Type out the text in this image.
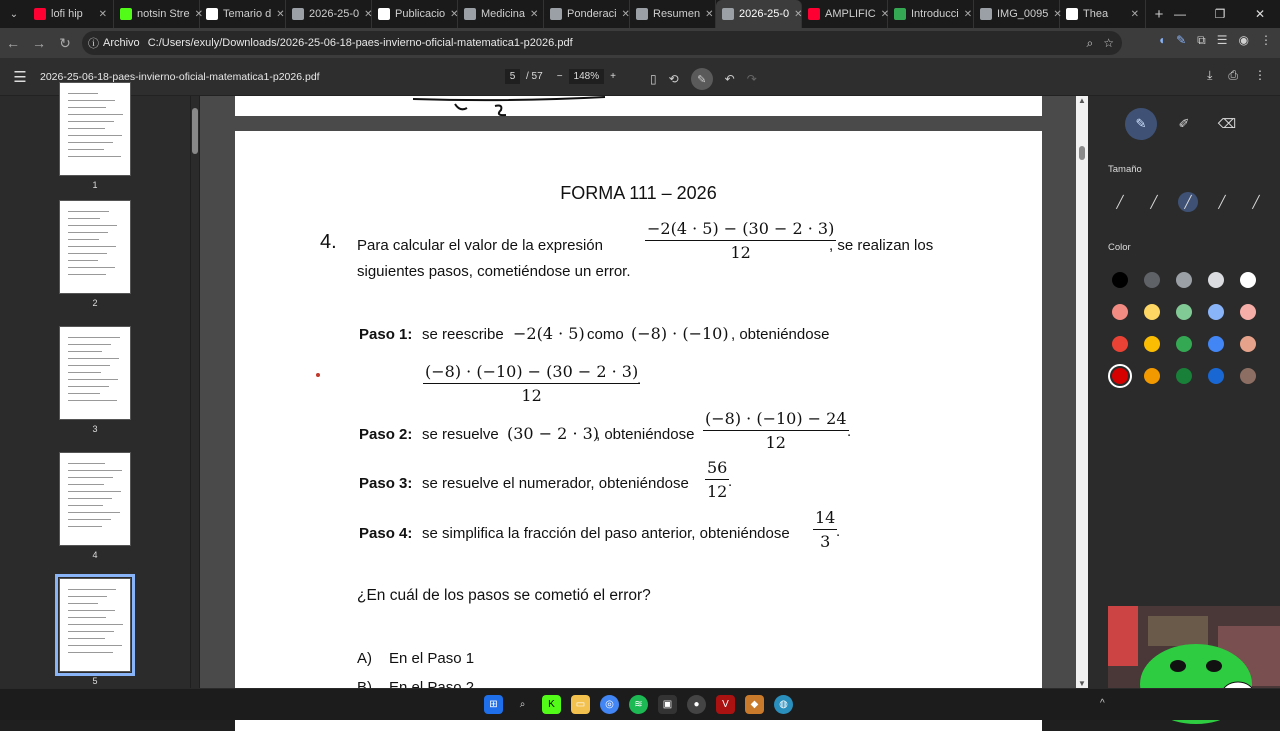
⌄	lofi hip	✕	notsin Stre ✕ Temario d ✕ 2026-25-0 ✕ Publicacio ✕ Medicina ✕	Ponderaci ✕ Resumen ✕ 2026-25-0 ✕ AMPLIFIC ✕ Introducci ✕ IMG_0095 ✕ Thea	✕	+ —	❐	✕
← → ↻	ⓘ Archivo C:/Users/exuly/Downloads/2026-25-06-18-paes-invierno-oficial-matematica1-p2026.pdf	⌕ ☆	◖ ✎ ⧉ ☰ ◉ ⋮
☰	2026-25-06-18-paes-invierno-oficial-matematica1-p2026.pdf	5	/ 57 −	148%	+	▯ ⟲	✎	↶ ↷	⤓ ⎙ ⋮
1
2
3
4
5
FORMA 111 – 2026
4. Para calcular el valor de la expresión	$\frac{-2(4 \cdot 5) - (30 - 2 \cdot 3)}{12}$
, se realizan los
siguientes pasos, cometiéndose un error.
Paso 1: se reescribe −2(4 · 5) como (−8) · (−10) , obteniéndose
$\frac{(-8) \cdot (-10) - (30 - 2 \cdot 3)}{12}$
.
Paso 2: se resuelve (30 − 2 · 3)
, obteniéndose $\frac{(-8) \cdot (-10) - 24}{12}$
.
Paso 3: se resuelve el numerador, obteniéndose $\frac{56}{12}$
.
Paso 4: se simplifica la fracción del paso anterior, obteniéndose $\frac{14}{3}$
.
¿En cuál de los pasos se cometió el error?
A) En el Paso 1
▲
▼
✎	✐	⌫
Tamaño
╱	╱	╱	╱	╱
Color
⊞	⌕	K	▭	◎	≋	▣	●	V	◆	◍	^
